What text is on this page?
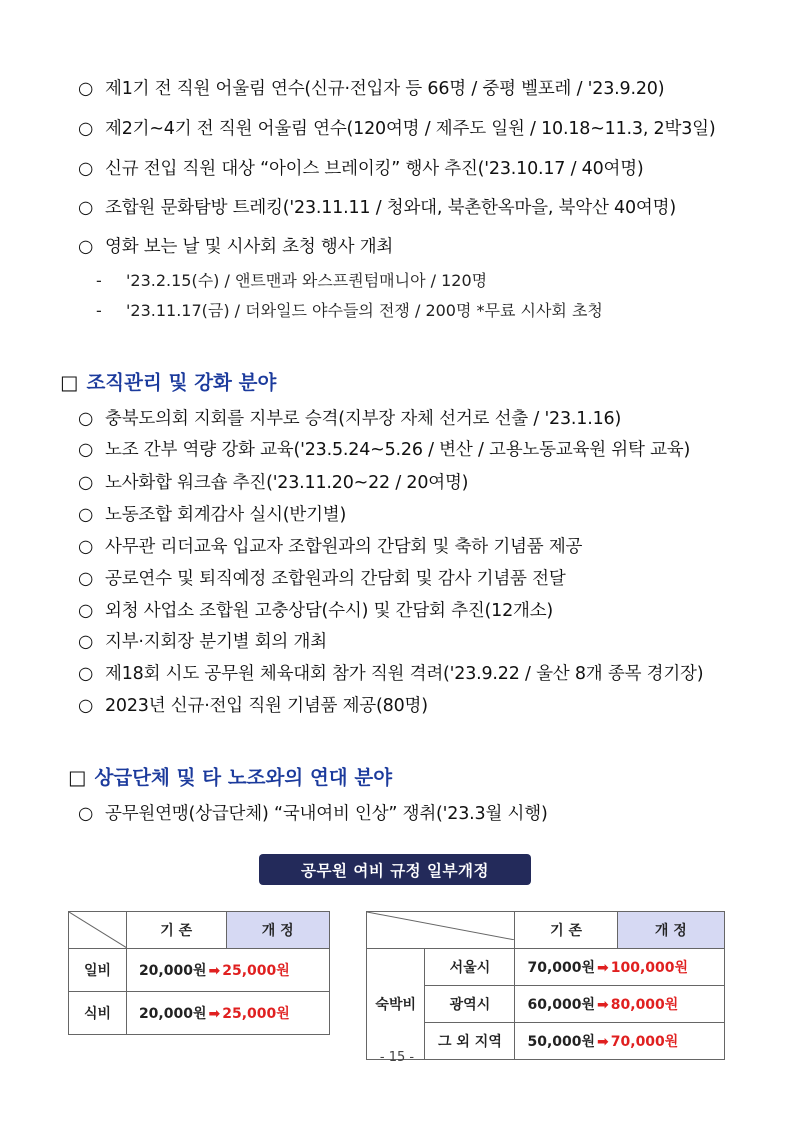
○ 제1기 전 직원 어울림 연수(신규·전입자 등 66명 / 중평 벨포레 / '23.9.20)
○ 제2기~4기 전 직원 어울림 연수(120여명 / 제주도 일원 / 10.18~11.3, 2박3일)
○ 신규 전입 직원 대상 “아이스 브레이킹” 행사 추진('23.10.17 / 40여명)
○ 조합원 문화탐방 트레킹('23.11.11 / 청와대, 북촌한옥마을, 북악산 40여명)
○ 영화 보는 날 및 시사회 초청 행사 개최
- '23.2.15(수) / 앤트맨과 와스프퀀텀매니아 / 120명
- '23.11.17(금) / 더와일드 야수들의 전쟁 / 200명 *무료 시사회 초청
□ 조직관리 및 강화 분야
○ 충북도의회 지회를 지부로 승격(지부장 자체 선거로 선출 / '23.1.16)
○ 노조 간부 역량 강화 교육('23.5.24~5.26 / 변산 / 고용노동교육원 위탁 교육)
○ 노사화합 워크숍 추진('23.11.20~22 / 20여명)
○ 노동조합 회계감사 실시(반기별)
○ 사무관 리더교육 입교자 조합원과의 간담회 및 축하 기념품 제공
○ 공로연수 및 퇴직예정 조합원과의 간담회 및 감사 기념품 전달
○ 외청 사업소 조합원 고충상담(수시) 및 간담회 추진(12개소)
○ 지부·지회장 분기별 회의 개최
○ 제18회 시도 공무원 체육대회 참가 직원 격려('23.9.22 / 울산 8개 종목 경기장)
○ 2023년 신규·전입 직원 기념품 제공(80명)
□ 상급단체 및 타 노조와의 연대 분야
○ 공무원연맹(상급단체) “국내여비 인상” 쟁취('23.3월 시행)
공무원 여비 규정 일부개정
	기 존	개 정
일비	20,000원 ➡ 25,000원	
식비	20,000원 ➡ 25,000원	
	기 존	개 정
숙박비	서울시	70,000원 ➡ 100,000원	
	광역시	60,000원 ➡ 80,000원	
	그 외 지역	50,000원 ➡ 70,000원	
- 15 -
